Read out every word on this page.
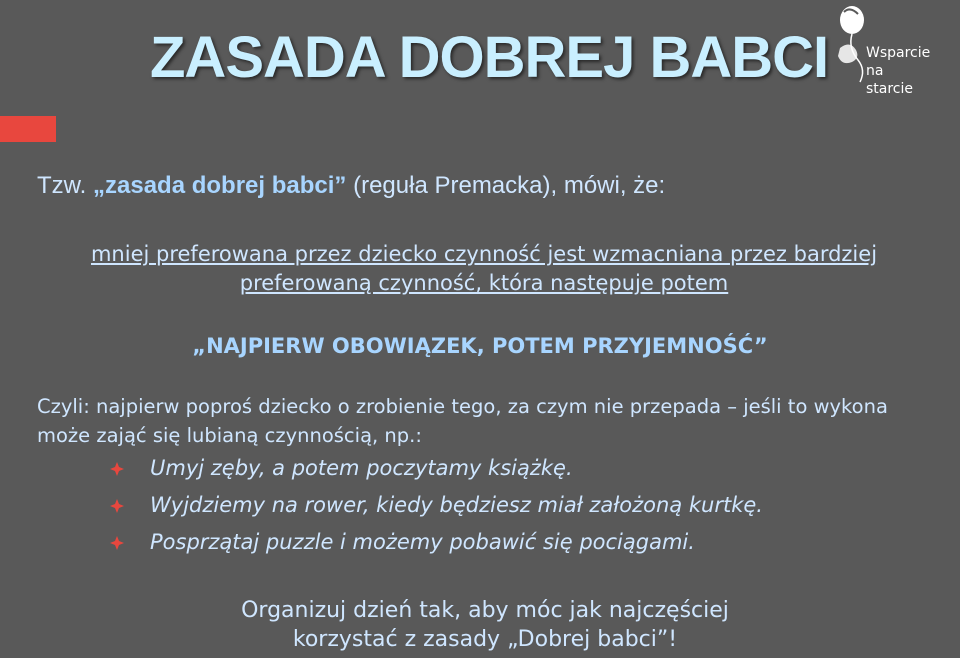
ZASADA DOBREJ BABCI	Wsparcie
na
starcie
Tzw. „zasada dobrej babci” (reguła Premacka), mówi, że:
mniej preferowana przez dziecko czynność jest wzmacniana przez bardziej preferowaną czynność, która następuje potem
„NAJPIERW OBOWIĄZEK, POTEM PRZYJEMNOŚĆ”
Czyli: najpierw poproś dziecko o zrobienie tego, za czym nie przepada – jeśli to wykona może zająć się lubianą czynnością, np.:
Umyj zęby, a potem poczytamy książkę.
Wyjdziemy na rower, kiedy będziesz miał założoną kurtkę.
Posprzątaj puzzle i możemy pobawić się pociągami.
Organizuj dzień tak, aby móc jak najczęściej
korzystać z zasady „Dobrej babci”!
